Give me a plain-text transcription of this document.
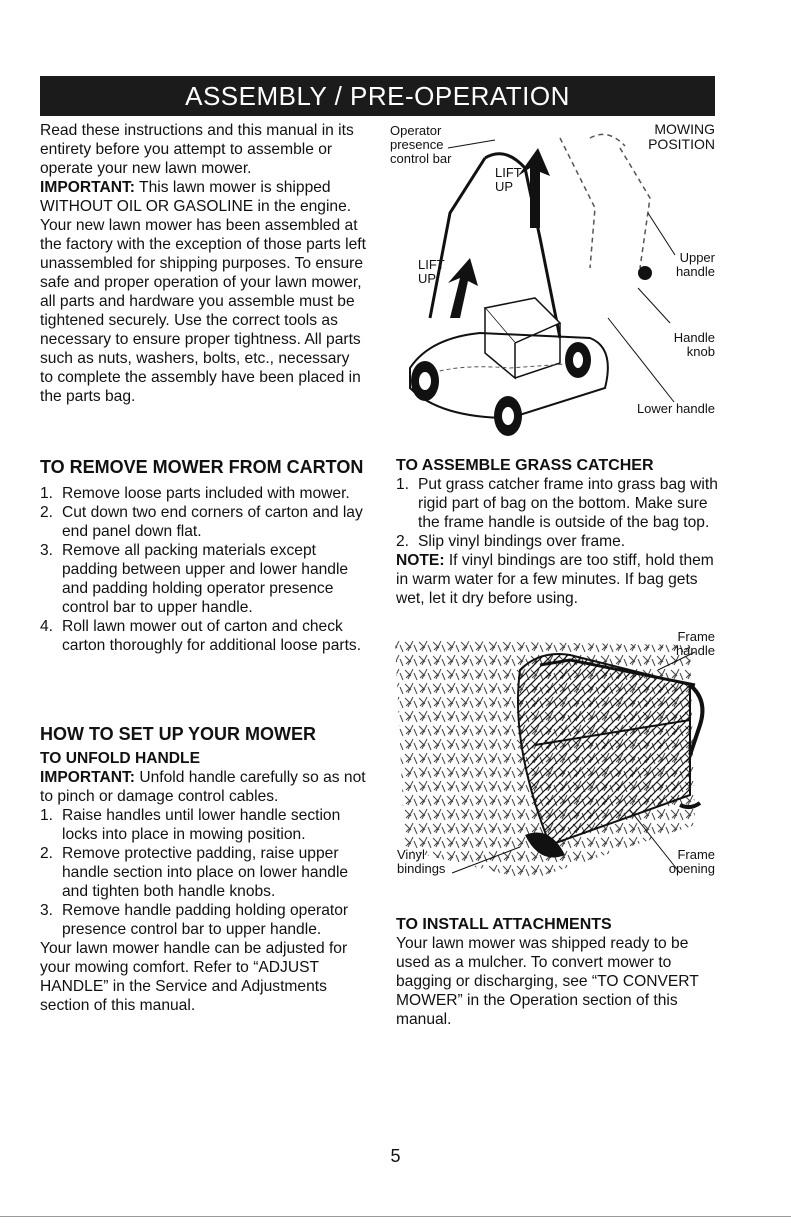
ASSEMBLY / PRE-OPERATION

Read these instructions and this manual in its entirety before you attempt to assemble or operate your new lawn mower.

IMPORTANT: This lawn mower is shipped WITHOUT OIL OR GASOLINE in the engine.

Your new lawn mower has been assembled at the factory with the exception of those parts left unassembled for shipping purposes. To ensure safe and proper operation of your lawn mower, all parts and hardware you assemble must be tightened securely. Use the correct tools as necessary to ensure proper tightness. All parts such as nuts, washers, bolts, etc., necessary to complete the assembly have been placed in the parts bag.

TO REMOVE MOWER FROM CARTON

1. Remove loose parts included with mower.
2. Cut down two end corners of carton and lay end panel down flat.
3. Remove all packing materials except padding between upper and lower handle and padding holding operator presence control bar to upper handle.
4. Roll lawn mower out of carton and check carton thoroughly for additional loose parts.

HOW TO SET UP YOUR MOWER

TO UNFOLD HANDLE

IMPORTANT: Unfold handle carefully so as not to pinch or damage control cables.

1. Raise handles until lower handle section locks into place in mowing position.
2. Remove protective padding, raise upper handle section into place on lower handle and tighten both handle knobs.
3. Remove handle padding holding operator presence control bar to upper handle.

Your lawn mower handle can be adjusted for your mowing comfort. Refer to “ADJUST HANDLE” in the Service and Adjustments section of this manual.

Operator
presence
control bar
MOWING
POSITION
LIFT
UP
LIFT
UP
Upper
handle
Handle
knob
Lower handle

TO ASSEMBLE GRASS CATCHER

1. Put grass catcher frame into grass bag with rigid part of bag on the bottom. Make sure the frame handle is outside of the bag top.
2. Slip vinyl bindings over frame.

NOTE: If vinyl bindings are too stiff, hold them in warm water for a few minutes. If bag gets wet, let it dry before using.

Frame
handle
Vinyl
bindings
Frame
opening

TO INSTALL ATTACHMENTS

Your lawn mower was shipped ready to be used as a mulcher. To convert mower to bagging or discharging, see “TO CONVERT MOWER” in the Operation section of this manual.

5
